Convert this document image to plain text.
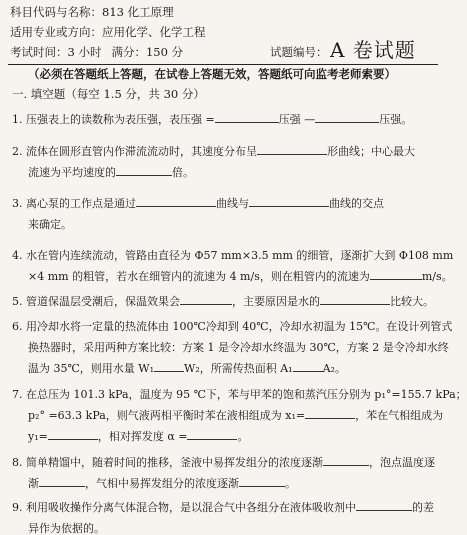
科目代码与名称：813 化工原理
适用专业或方向：应用化学、化学工程
考试时间：3 小时 满分：150 分	试题编号： A 卷试题
（必须在答题纸上答题，在试卷上答题无效，答题纸可向监考老师索要）
一. 填空题（每空 1.5 分，共 30 分）
1. 压强表上的读数称为表压强，表压强 =	压强 —	压强。
2. 流体在圆形直管内作滞流流动时，其速度分布呈	形曲线；中心最大
流速为平均速度的	倍。
3. 离心泵的工作点是通过	曲线与	曲线的交点
来确定。
4. 水在管内连续流动，管路由直径为 Φ57 mm×3.5 mm 的细管，逐渐扩大到 Φ108 mm
×4 mm 的粗管，若水在细管内的流速为 4 m/s，则在粗管内的流速为	m/s。
5. 管道保温层受潮后，保温效果会	，主要原因是水的	比较大。
6. 用冷却水将一定量的热流体由 100℃冷却到 40℃，冷却水初温为 15℃。在设计列管式
换热器时，采用两种方案比较：方案 1 是令冷却水终温为 30℃，方案 2 是令冷却水终
温为 35℃，则用水量 W₁	W₂，所需传热面积 A₁	A₂。
7. 在总压为 101.3 kPa，温度为 95 ℃下，苯与甲苯的饱和蒸汽压分别为 p₁°=155.7 kPa；
p₂° =63.3 kPa，则气液两相平衡时苯在液相组成为 x₁=	，苯在气相组成为
y₁=	，相对挥发度 α =	。
8. 简单精馏中，随着时间的推移，釜液中易挥发组分的浓度逐渐	，泡点温度逐
渐	，气相中易挥发组分的浓度逐渐	。
9. 利用吸收操作分离气体混合物，是以混合气中各组分在液体吸收剂中	的差
异作为依据的。
